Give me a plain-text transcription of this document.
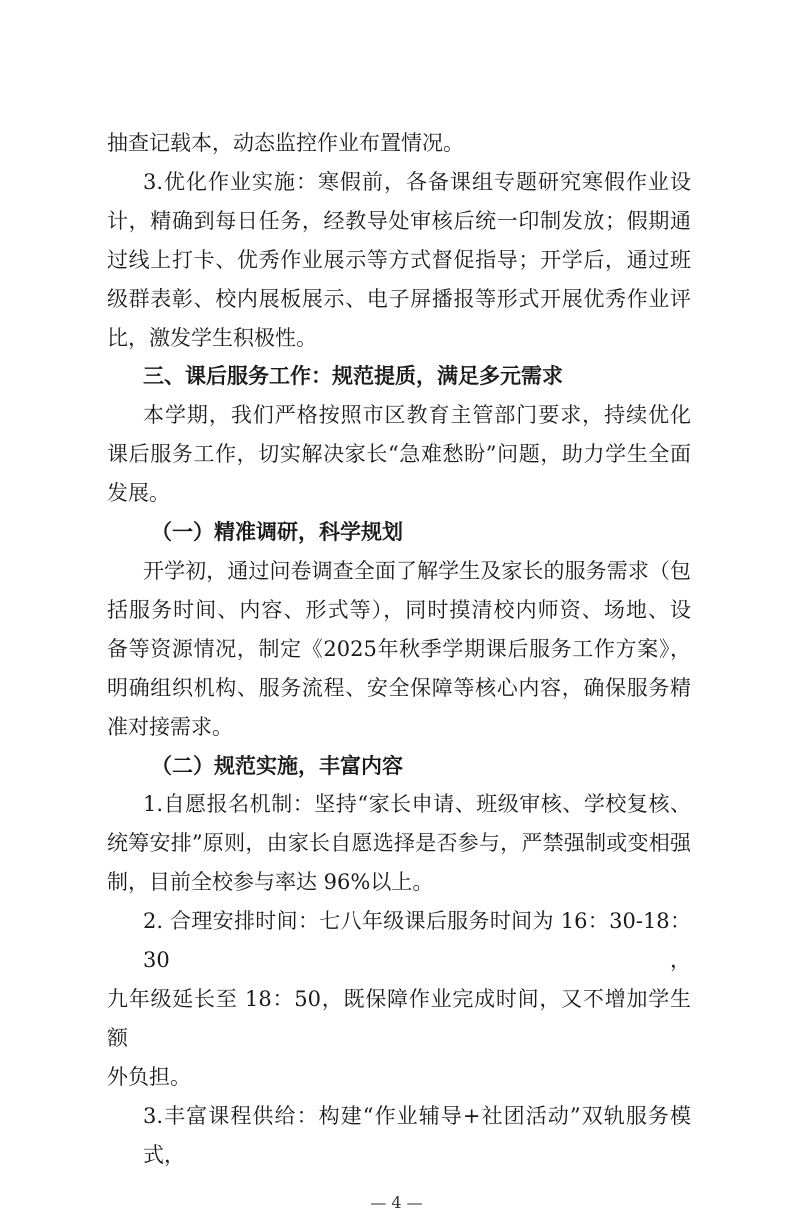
抽查记载本，动态监控作业布置情况。
3.优化作业实施：寒假前，各备课组专题研究寒假作业设
计，精确到每日任务，经教导处审核后统一印制发放；假期通
过线上打卡、优秀作业展示等方式督促指导；开学后，通过班
级群表彰、校内展板展示、电子屏播报等形式开展优秀作业评
比，激发学生积极性。
三、课后服务工作：规范提质，满足多元需求
本学期，我们严格按照市区教育主管部门要求，持续优化
课后服务工作，切实解决家长“急难愁盼”问题，助力学生全面
发展。
（一）精准调研，科学规划
开学初，通过问卷调查全面了解学生及家长的服务需求（包
括服务时间、内容、形式等），同时摸清校内师资、场地、设
备等资源情况，制定《2025年秋季学期课后服务工作方案》，
明确组织机构、服务流程、安全保障等核心内容，确保服务精
准对接需求。
（二）规范实施，丰富内容
1.自愿报名机制：坚持“家长申请、班级审核、学校复核、
统筹安排”原则，由家长自愿选择是否参与，严禁强制或变相强
制，目前全校参与率达 96%以上。
2. 合理安排时间：七八年级课后服务时间为 16：30-18：30，
九年级延长至 18：50，既保障作业完成时间，又不增加学生额
外负担。
3.丰富课程供给：构建“作业辅导+社团活动”双轨服务模式，
— 4 —
